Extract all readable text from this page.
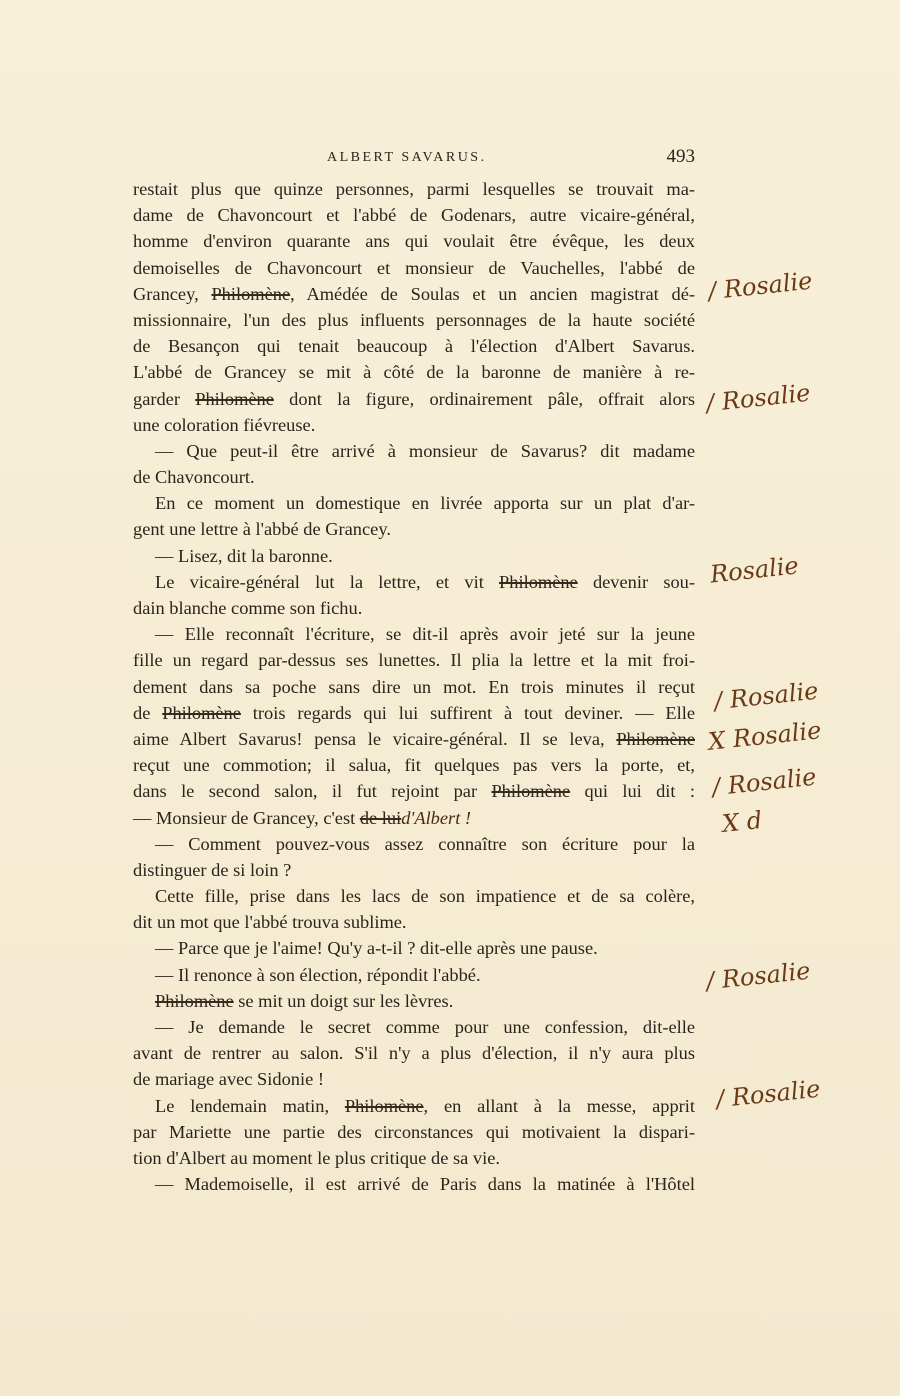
ALBERT SAVARUS.	493
restait plus que quinze personnes, parmi lesquelles se trouvait ma-
dame de Chavoncourt et l'abbé de Godenars, autre vicaire-général,
homme d'environ quarante ans qui voulait être évêque, les deux
demoiselles de Chavoncourt et monsieur de Vauchelles, l'abbé de
Grancey, Philomène, Amédée de Soulas et un ancien magistrat dé-
missionnaire, l'un des plus influents personnages de la haute société
de Besançon qui tenait beaucoup à l'élection d'Albert Savarus.
L'abbé de Grancey se mit à côté de la baronne de manière à re-
garder Philomène dont la figure, ordinairement pâle, offrait alors
une coloration fiévreuse.
— Que peut-il être arrivé à monsieur de Savarus? dit madame
de Chavoncourt.
En ce moment un domestique en livrée apporta sur un plat d'ar-
gent une lettre à l'abbé de Grancey.
— Lisez, dit la baronne.
Le vicaire-général lut la lettre, et vit Philomène devenir sou-
dain blanche comme son fichu.
— Elle reconnaît l'écriture, se dit-il après avoir jeté sur la jeune
fille un regard par-dessus ses lunettes. Il plia la lettre et la mit froi-
dement dans sa poche sans dire un mot. En trois minutes il reçut
de Philomène trois regards qui lui suffirent à tout deviner. — Elle
aime Albert Savarus! pensa le vicaire-général. Il se leva, Philomène
reçut une commotion; il salua, fit quelques pas vers la porte, et,
dans le second salon, il fut rejoint par Philomène qui lui dit :
— Monsieur de Grancey, c'est de luid'Albert !
— Comment pouvez-vous assez connaître son écriture pour la
distinguer de si loin ?
Cette fille, prise dans les lacs de son impatience et de sa colère,
dit un mot que l'abbé trouva sublime.
— Parce que je l'aime! Qu'y a-t-il ? dit-elle après une pause.
— Il renonce à son élection, répondit l'abbé.
Philomène se mit un doigt sur les lèvres.
— Je demande le secret comme pour une confession, dit-elle
avant de rentrer au salon. S'il n'y a plus d'élection, il n'y aura plus
de mariage avec Sidonie !
Le lendemain matin, Philomène, en allant à la messe, apprit
par Mariette une partie des circonstances qui motivaient la dispari-
tion d'Albert au moment le plus critique de sa vie.
— Mademoiselle, il est arrivé de Paris dans la matinée à l'Hôtel
/ Rosalie
/ Rosalie
Rosalie
/ Rosalie
X Rosalie
/ Rosalie
X d
/ Rosalie
/ Rosalie
